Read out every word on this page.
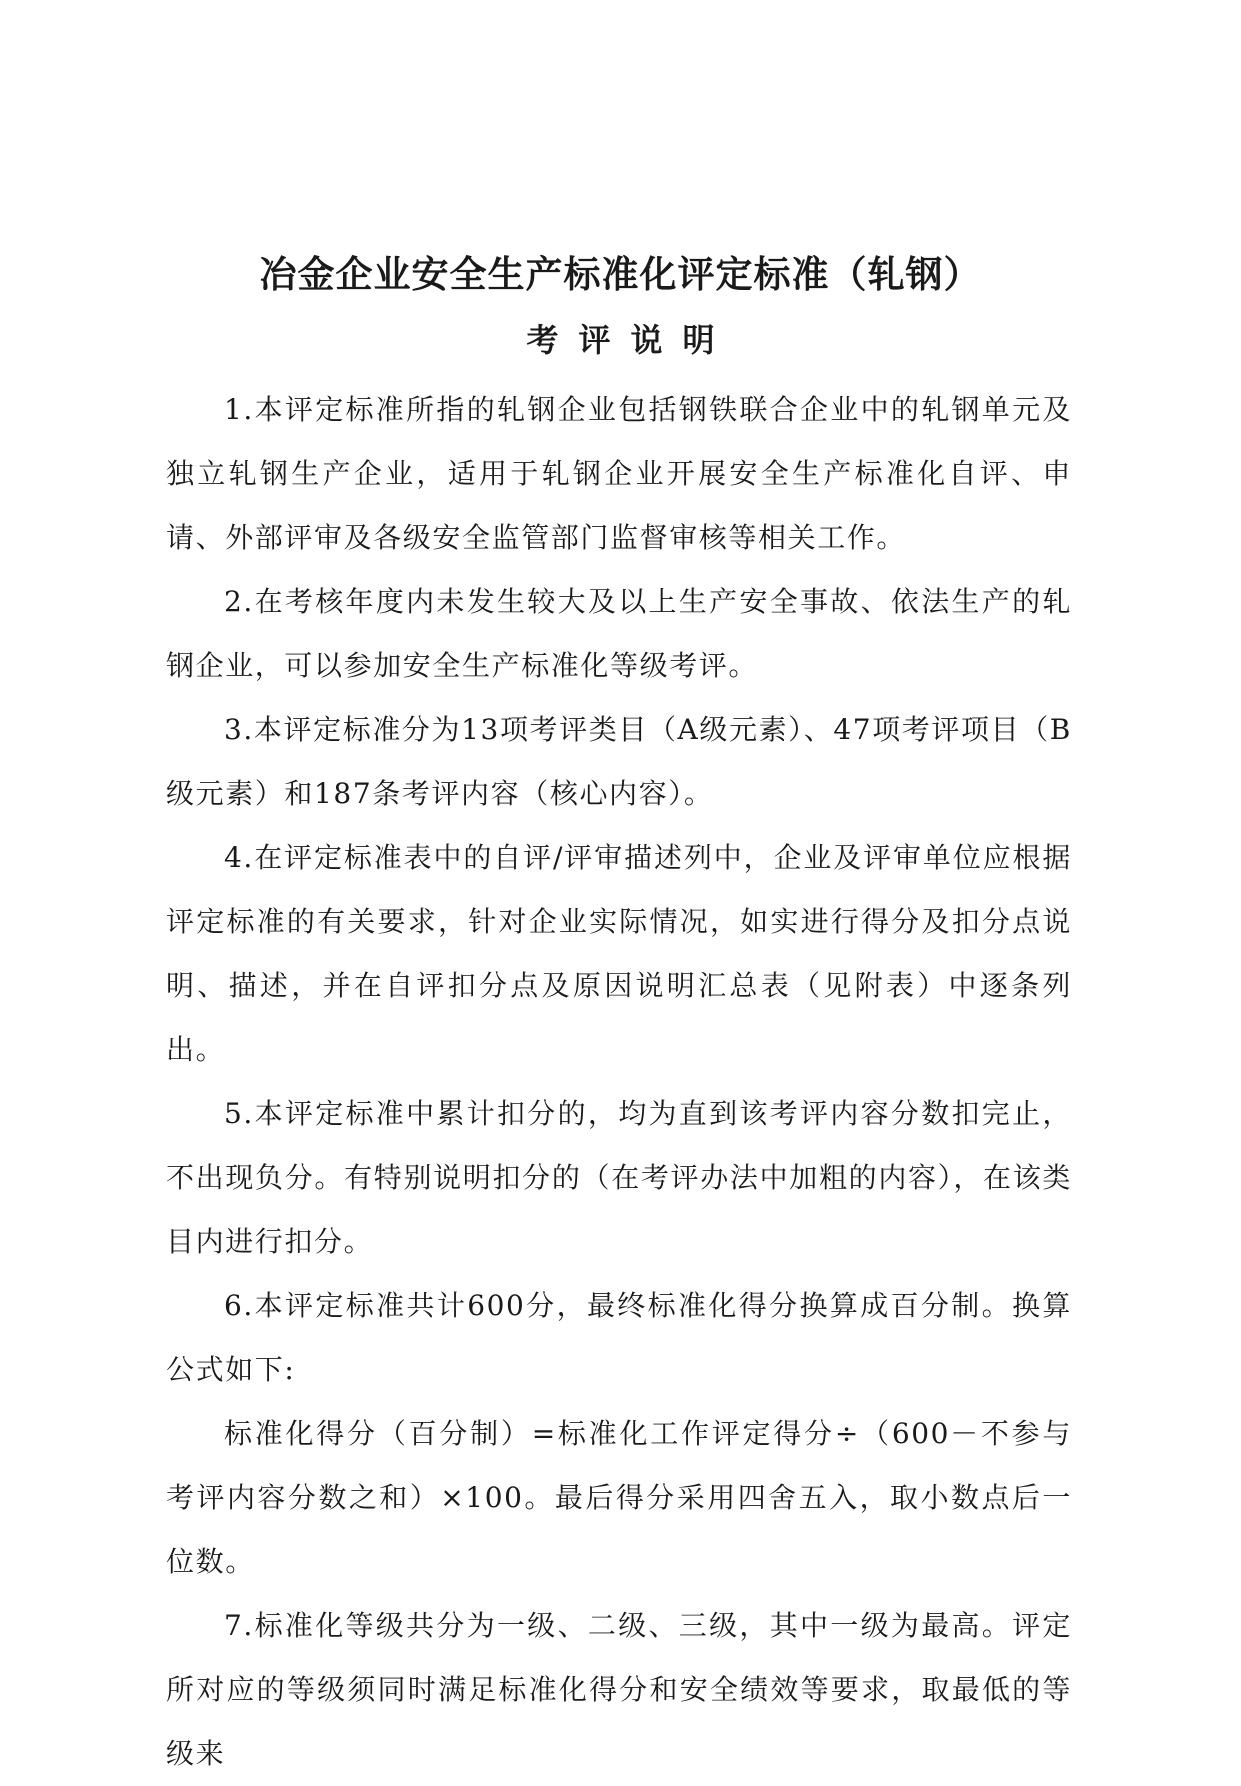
冶金企业安全生产标准化评定标准（轧钢）
考评说明

1.本评定标准所指的轧钢企业包括钢铁联合企业中的轧钢单元及独立轧钢生产企业，适用于轧钢企业开展安全生产标准化自评、申请、外部评审及各级安全监管部门监督审核等相关工作。

2.在考核年度内未发生较大及以上生产安全事故、依法生产的轧钢企业，可以参加安全生产标准化等级考评。

3.本评定标准分为13项考评类目（A级元素）、47项考评项目（B级元素）和187条考评内容（核心内容）。

4.在评定标准表中的自评/评审描述列中，企业及评审单位应根据评定标准的有关要求，针对企业实际情况，如实进行得分及扣分点说明、描述，并在自评扣分点及原因说明汇总表（见附表）中逐条列出。

5.本评定标准中累计扣分的，均为直到该考评内容分数扣完止，不出现负分。有特别说明扣分的（在考评办法中加粗的内容），在该类目内进行扣分。

6.本评定标准共计600分，最终标准化得分换算成百分制。换算公式如下:

标准化得分（百分制）=标准化工作评定得分÷（600－不参与考评内容分数之和）×100。最后得分采用四舍五入，取小数点后一位数。

7.标准化等级共分为一级、二级、三级，其中一级为最高。评定所对应的等级须同时满足标准化得分和安全绩效等要求，取最低的等级来
